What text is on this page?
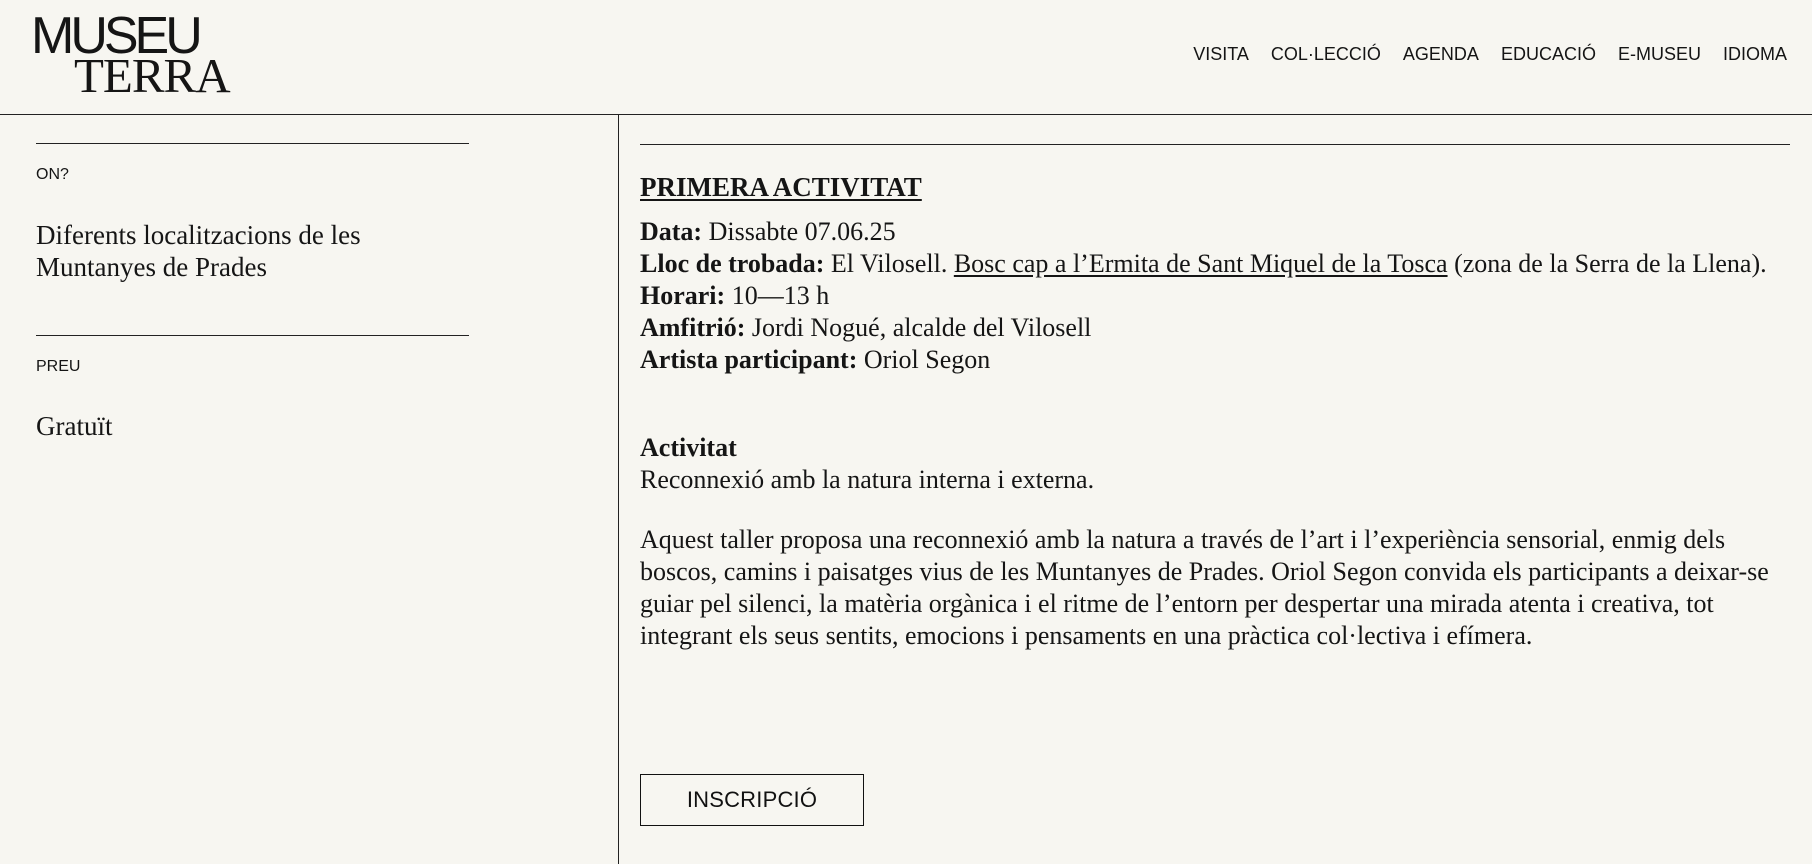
MUSEU
TERRA	VISITA COL·LECCIÓ AGENDA EDUCACIÓ E-MUSEU IDIOMA
ON?
Diferents localitzacions de les
Muntanyes de Prades
PREU
Gratuït
PRIMERA ACTIVITAT

Data: Dissabte 07.06.25

Lloc de trobada: El Vilosell. Bosc cap a l’Ermita de Sant Miquel de la Tosca (zona de la Serra de la Llena).

Horari: 10—13 h

Amfitrió: Jordi Nogué, alcalde del Vilosell

Artista participant: Oriol Segon

Activitat

Reconnexió amb la natura interna i externa.

Aquest taller proposa una reconnexió amb la natura a través de l’art i l’experiència sensorial, enmig dels boscos, camins i paisatges vius de les Muntanyes de Prades. Oriol Segon convida els participants a deixar-se guiar pel silenci, la matèria orgànica i el ritme de l’entorn per despertar una mirada atenta i creativa, tot integrant els seus sentits, emocions i pensaments en una pràctica col·lectiva i efímera.

INSCRIPCIÓ
